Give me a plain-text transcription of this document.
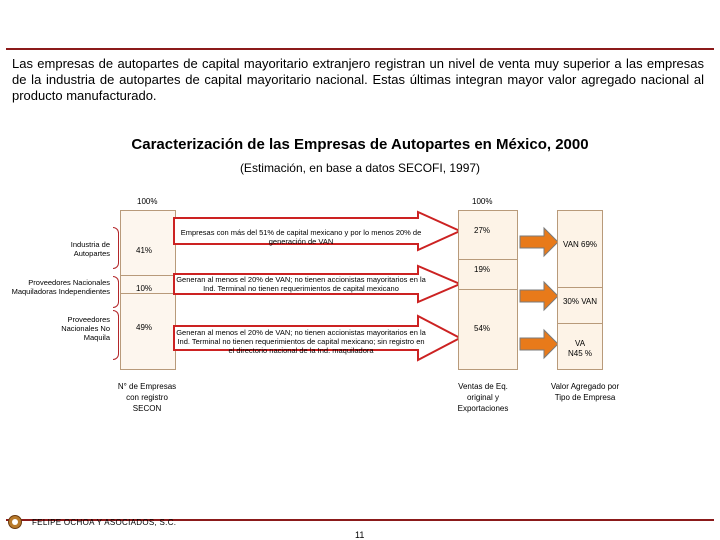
Las empresas de autopartes de capital mayoritario extranjero registran un nivel de venta muy superior a las empresas de la industria de autopartes de capital mayoritario nacional. Estas últimas integran mayor valor agregado nacional al producto manufacturado.
Caracterización de las Empresas de Autopartes en México, 2000
(Estimación, en base a datos SECOFI, 1997)
100%
41%
10%
49%
Industria de Autopartes
Proveedores Nacionales Maquiladoras Independientes
Proveedores Nacionales No Maquila
N° de Empresas con registro SECON
Empresas con más del 51% de capital mexicano y por lo menos 20% de generación de VAN
Generan al menos el 20% de VAN; no tienen accionistas mayoritarios en la Ind. Terminal no tienen requerimientos de capital mexicano
Generan al menos el 20% de VAN; no tienen accionistas mayoritarios en la Ind. Terminal no tienen requerimientos de capital mexicano; sin registro en el directorio nacional de la Ind. maquiladora
100%
27%
19%
54%
Ventas de Eq. original y Exportaciones
VAN 69%
30% VAN
VA N45 %
Valor Agregado por Tipo de Empresa
FELIPE OCHOA Y ASOCIADOS, S.C.
11
